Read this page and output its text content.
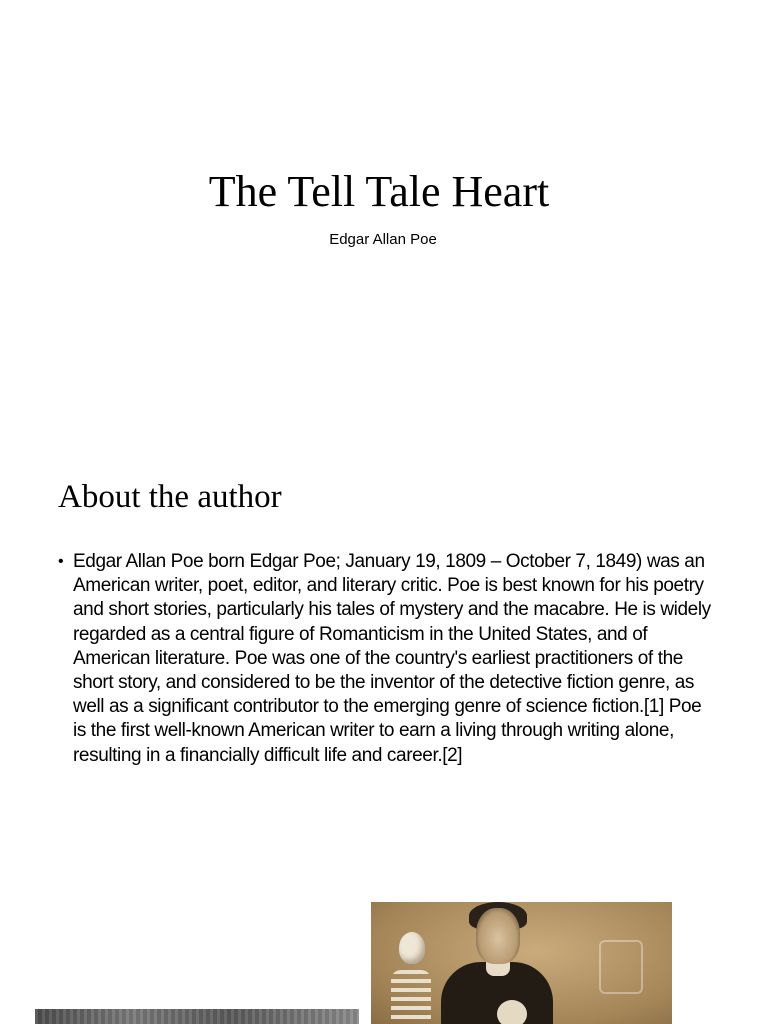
The Tell Tale Heart

Edgar Allan Poe

About the author
• Edgar Allan Poe born Edgar Poe; January 19, 1809 – October 7, 1849) was an American writer, poet, editor, and literary critic. Poe is best known for his poetry and short stories, particularly his tales of mystery and the macabre. He is widely regarded as a central figure of Romanticism in the United States, and of American literature. Poe was one of the country's earliest practitioners of the short story, and considered to be the inventor of the detective fiction genre, as well as a significant contributor to the emerging genre of science fiction.[1] Poe is the first well-known American writer to earn a living through writing alone, resulting in a financially difficult life and career.[2]
